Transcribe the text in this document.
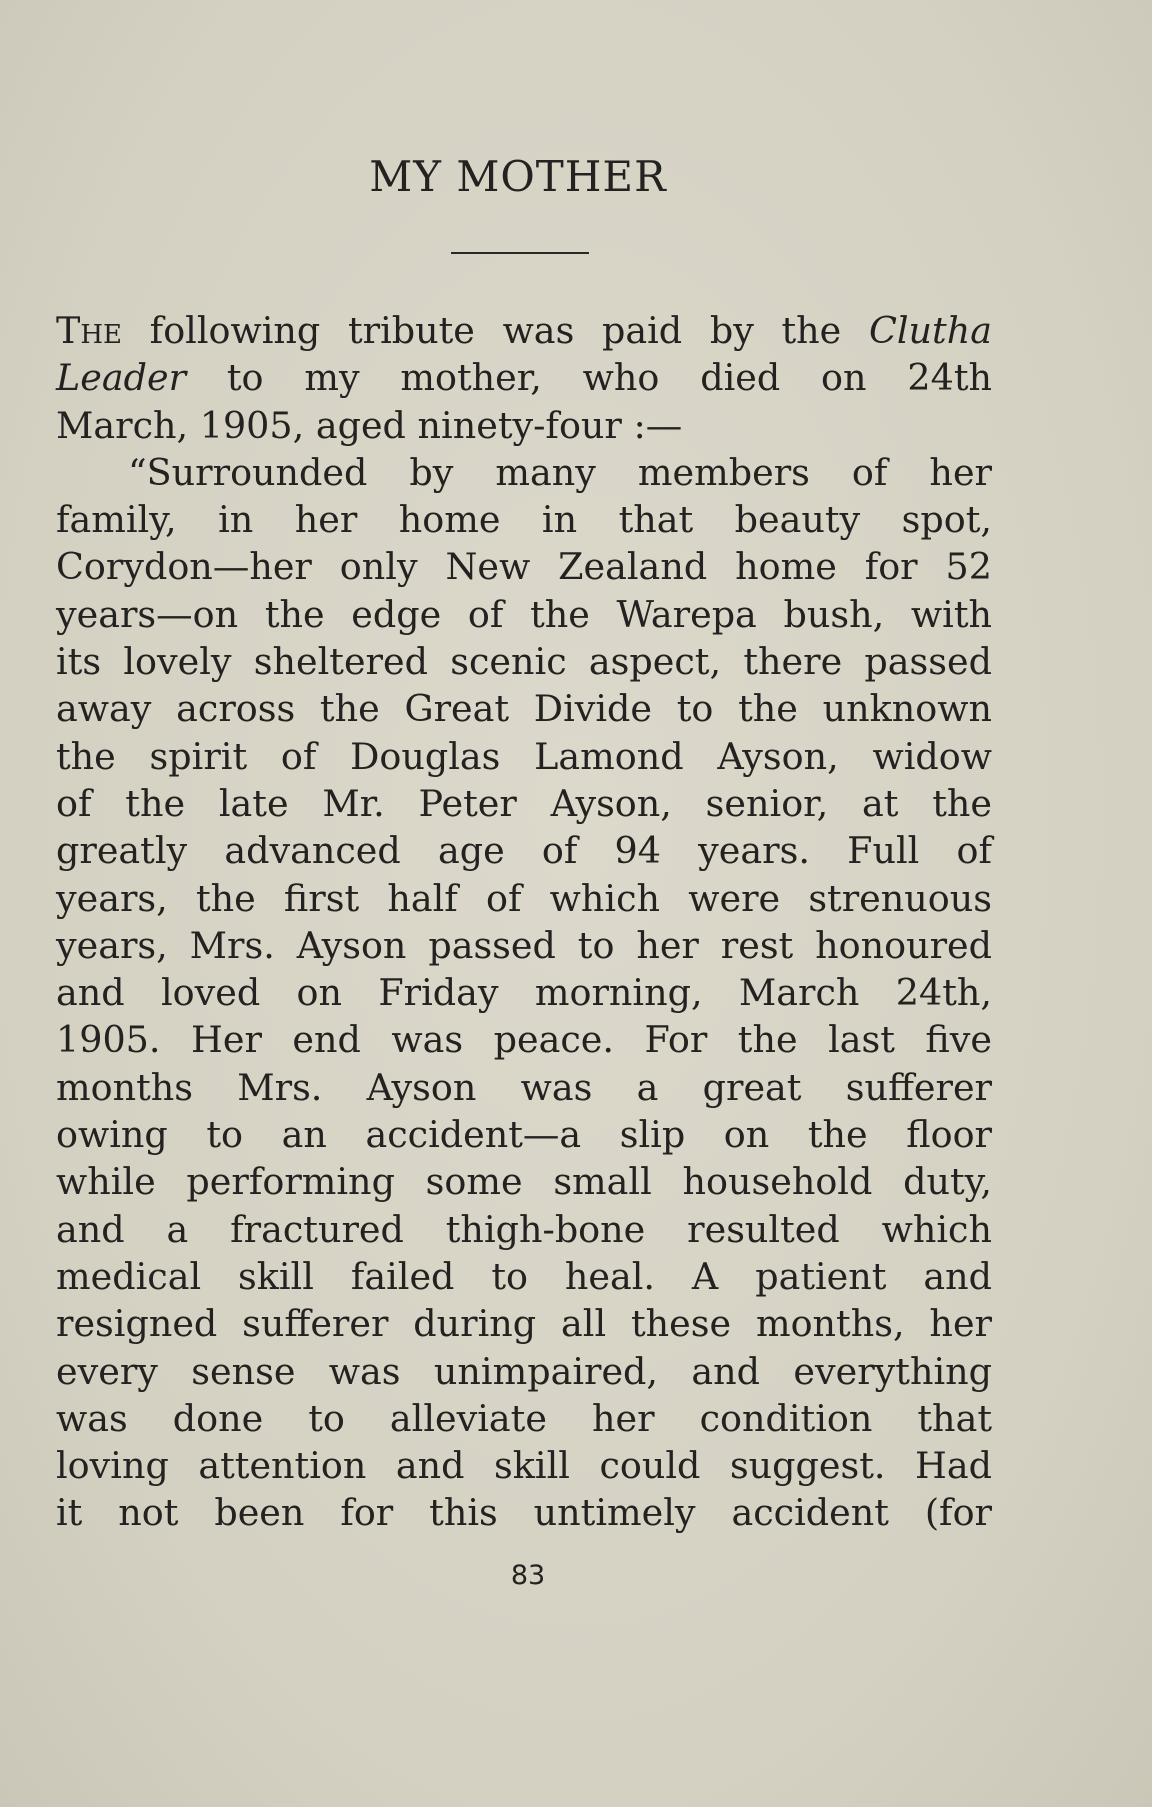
MY MOTHER
The following tribute was paid by the Clutha
Leader to my mother, who died on 24th
March, 1905, aged ninety-four :—
“Surrounded by many members of her
family, in her home in that beauty spot,
Corydon—her only New Zealand home for 52
years—on the edge of the Warepa bush, with
its lovely sheltered scenic aspect, there passed
away across the Great Divide to the unknown
the spirit of Douglas Lamond Ayson, widow
of the late Mr. Peter Ayson, senior, at the
greatly advanced age of 94 years. Full of
years, the first half of which were strenuous
years, Mrs. Ayson passed to her rest honoured
and loved on Friday morning, March 24th,
1905. Her end was peace. For the last five
months Mrs. Ayson was a great sufferer
owing to an accident—a slip on the floor
while performing some small household duty,
and a fractured thigh-bone resulted which
medical skill failed to heal. A patient and
resigned sufferer during all these months, her
every sense was unimpaired, and everything
was done to alleviate her condition that
loving attention and skill could suggest. Had
it not been for this untimely accident (for
83
